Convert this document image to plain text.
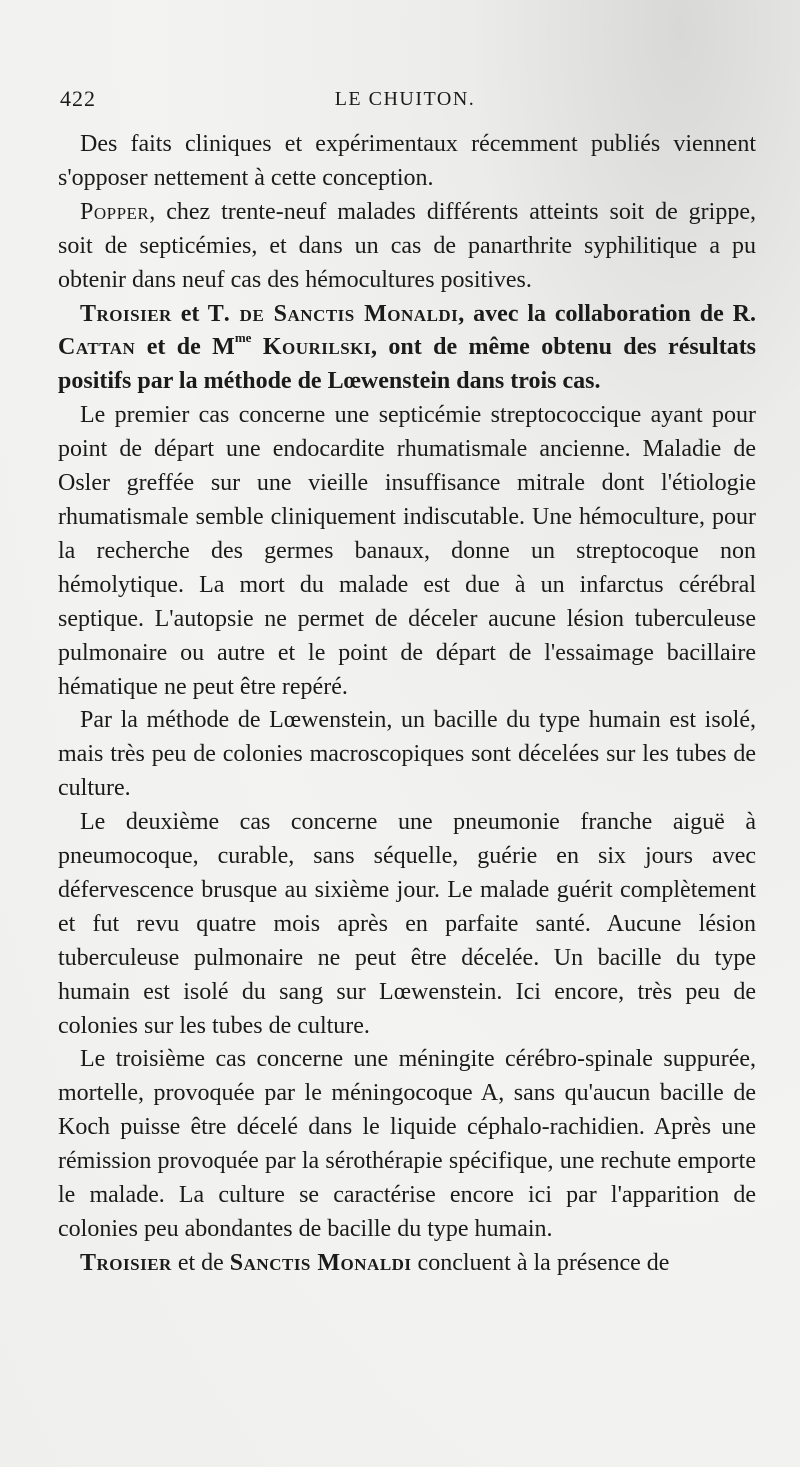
422	LE CHUITON.

Des faits cliniques et expérimentaux récemment publiés viennent s'opposer nettement à cette conception.

Popper, chez trente-neuf malades différents atteints soit de grippe, soit de septicémies, et dans un cas de panarthrite syphilitique a pu obtenir dans neuf cas des hémocultures positives.

Troisier et T. de Sanctis Monaldi, avec la collaboration de R. Cattan et de $M^{me}$ Kourilski, ont de même obtenu des résultats positifs par la méthode de Lœwenstein dans trois cas.

Le premier cas concerne une septicémie streptococcique ayant pour point de départ une endocardite rhumatismale ancienne. Maladie de Osler greffée sur une vieille insuffisance mitrale dont l'étiologie rhumatismale semble cliniquement indiscutable. Une hémoculture, pour la recherche des germes banaux, donne un streptocoque non hémolytique. La mort du malade est due à un infarctus cérébral septique. L'autopsie ne permet de déceler aucune lésion tuberculeuse pulmonaire ou autre et le point de départ de l'essaimage bacillaire hématique ne peut être repéré.

Par la méthode de Lœwenstein, un bacille du type humain est isolé, mais très peu de colonies macroscopiques sont décelées sur les tubes de culture.

Le deuxième cas concerne une pneumonie franche aiguë à pneumocoque, curable, sans séquelle, guérie en six jours avec défervescence brusque au sixième jour. Le malade guérit complètement et fut revu quatre mois après en parfaite santé. Aucune lésion tuberculeuse pulmonaire ne peut être décelée. Un bacille du type humain est isolé du sang sur Lœwenstein. Ici encore, très peu de colonies sur les tubes de culture.

Le troisième cas concerne une méningite cérébro-spinale suppurée, mortelle, provoquée par le méningocoque A, sans qu'aucun bacille de Koch puisse être décelé dans le liquide céphalo-rachidien. Après une rémission provoquée par la sérothérapie spécifique, une rechute emporte le malade. La culture se caractérise encore ici par l'apparition de colonies peu abondantes de bacille du type humain.

Troisier et de Sanctis Monaldi concluent à la présence de
